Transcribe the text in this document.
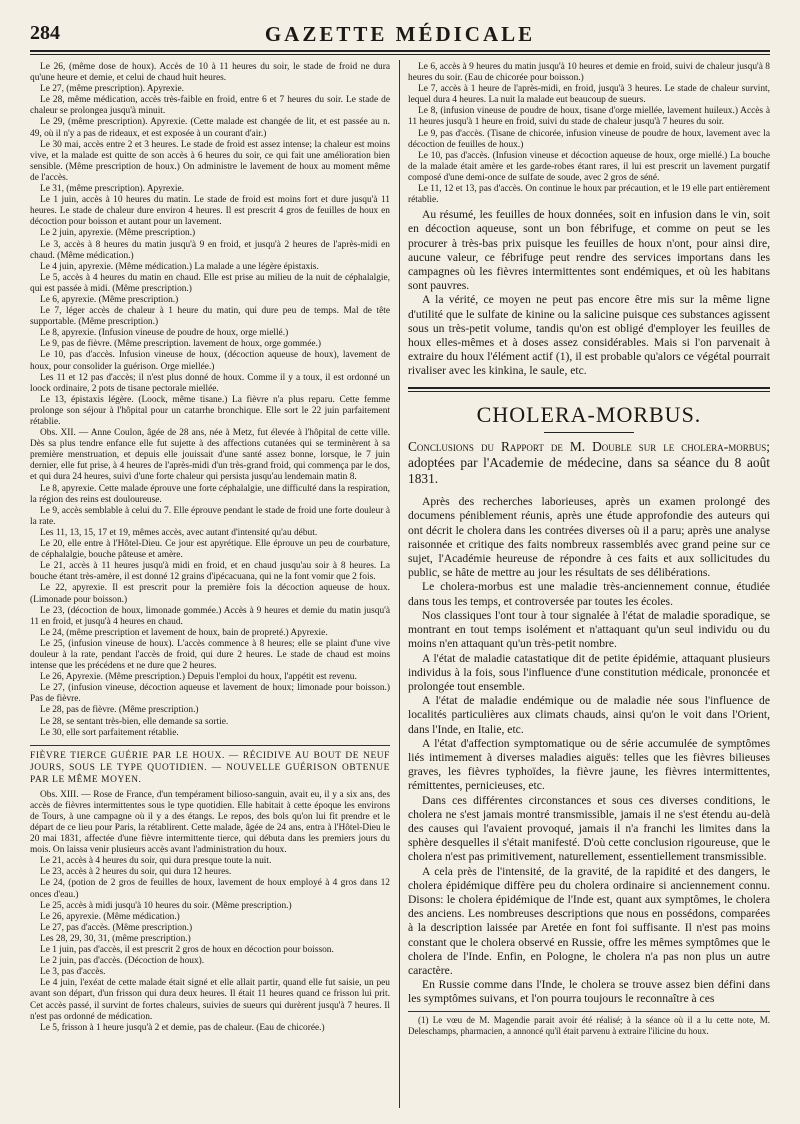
284	GAZETTE MÉDICALE

Le 26, (même dose de houx). Accès de 10 à 11 heures du soir, le stade de froid ne dura qu'une heure et demie, et celui de chaud huit heures.

Le 27, (même prescription). Apyrexie.

Le 28, même médication, accès très-faible en froid, entre 6 et 7 heures du soir. Le stade de chaleur se prolongea jusqu'à minuit.

Le 29, (même prescription). Apyrexie. (Cette malade est changée de lit, et est passée au n. 49, où il n'y a pas de rideaux, et est exposée à un courant d'air.)

Le 30 mai, accès entre 2 et 3 heures. Le stade de froid est assez intense; la chaleur est moins vive, et la malade est quitte de son accès à 6 heures du soir, ce qui fait une amélioration bien sensible. (Même prescription de houx.) On administre le lavement de houx au moment même de l'accès.

Le 31, (même prescription). Apyrexie.

Le 1 juin, accès à 10 heures du matin. Le stade de froid est moins fort et dure jusqu'à 11 heures. Le stade de chaleur dure environ 4 heures. Il est prescrit 4 gros de feuilles de houx en décoction pour boisson et autant pour un lavement.

Le 2 juin, apyrexie. (Même prescription.)

Le 3, accès à 8 heures du matin jusqu'à 9 en froid, et jusqu'à 2 heures de l'après-midi en chaud. (Même médication.)

Le 4 juin, apyrexie. (Même médication.) La malade a une légère épistaxis.

Le 5, accès à 4 heures du matin en chaud. Elle est prise au milieu de la nuit de céphalalgie, qui est passée à midi. (Même prescription.)

Le 6, apyrexie. (Même prescription.)

Le 7, léger accès de chaleur à 1 heure du matin, qui dure peu de temps. Mal de tête supportable. (Même prescription.)

Le 8, apyrexie. (Infusion vineuse de poudre de houx, orge miellé.)

Le 9, pas de fièvre. (Même prescription. lavement de houx, orge gommée.)

Le 10, pas d'accès. Infusion vineuse de houx, (décoction aqueuse de houx), lavement de houx, pour consolider la guérison. Orge miellée.)

Les 11 et 12 pas d'accès; il n'est plus donné de houx. Comme il y a toux, il est ordonné un loock ordinaire, 2 pots de tisane pectorale miellée.

Le 13, épistaxis légère. (Loock, même tisane.) La fièvre n'a plus reparu. Cette femme prolonge son séjour à l'hôpital pour un catarrhe bronchique. Elle sort le 22 juin parfaitement rétablie.

Obs. XII. — Anne Coulon, âgée de 28 ans, née à Metz, fut élevée à l'hôpital de cette ville. Dès sa plus tendre enfance elle fut sujette à des affections cutanées qui se terminèrent à sa première menstruation, et depuis elle jouissait d'une santé assez bonne, lorsque, le 7 juin dernier, elle fut prise, à 4 heures de l'après-midi d'un très-grand froid, qui commença par le dos, et qui dura 24 heures, suivi d'une forte chaleur qui persista jusqu'au lendemain matin 8.

Le 8, apyrexie. Cette malade éprouve une forte céphalalgie, une difficulté dans la respiration, la région des reins est douloureuse.

Le 9, accès semblable à celui du 7. Elle éprouve pendant le stade de froid une forte douleur à la rate.

Les 11, 13, 15, 17 et 19, mêmes accès, avec autant d'intensité qu'au début.

Le 20, elle entre à l'Hôtel-Dieu. Ce jour est apyrétique. Elle éprouve un peu de courbature, de céphalalgie, bouche pâteuse et amère.

Le 21, accès à 11 heures jusqu'à midi en froid, et en chaud jusqu'au soir à 8 heures. La bouche étant très-amère, il est donné 12 grains d'ipécacuana, qui ne la font vomir que 2 fois.

Le 22, apyrexie. Il est prescrit pour la première fois la décoction aqueuse de houx. (Limonade pour boisson.)

Le 23, (décoction de houx, limonade gommée.) Accès à 9 heures et demie du matin jusqu'à 11 en froid, et jusqu'à 4 heures en chaud.

Le 24, (même prescription et lavement de houx, bain de propreté.) Apyrexie.

Le 25, (infusion vineuse de houx). L'accès commence à 8 heures; elle se plaint d'une vive douleur à la rate, pendant l'accès de froid, qui dure 2 heures. Le stade de chaud est moins intense que les précédens et ne dure que 2 heures.

Le 26, Apyrexie. (Même prescription.) Depuis l'emploi du houx, l'appétit est revenu.

Le 27, (infusion vineuse, décoction aqueuse et lavement de houx; limonade pour boisson.) Pas de fièvre.

Le 28, pas de fièvre. (Même prescription.)

Le 28, se sentant très-bien, elle demande sa sortie.

Le 30, elle sort parfaitement rétablie.

FIÈVRE TIERCE GUÉRIE PAR LE HOUX. — RÉCIDIVE AU BOUT DE NEUF JOURS, SOUS LE TYPE QUOTIDIEN. — NOUVELLE GUÉRISON OBTENUE PAR LE MÊME MOYEN.

Obs. XIII. — Rose de France, d'un tempérament bilioso-sanguin, avait eu, il y a six ans, des accès de fièvres intermittentes sous le type quotidien. Elle habitait à cette époque les environs de Tours, à une campagne où il y a des étangs. Le repos, des bols qu'on lui fit prendre et le départ de ce lieu pour Paris, la rétablirent. Cette malade, âgée de 24 ans, entra à l'Hôtel-Dieu le 20 mai 1831, affectée d'une fièvre intermittente tierce, qui débuta dans les premiers jours du mois. On laissa venir plusieurs accès avant l'administration du houx.

Le 21, accès à 4 heures du soir, qui dura presque toute la nuit.

Le 23, accès à 2 heures du soir, qui dura 12 heures.

Le 24, (potion de 2 gros de feuilles de houx, lavement de houx employé à 4 gros dans 12 onces d'eau.)

Le 25, accès à midi jusqu'à 10 heures du soir. (Même prescription.)

Le 26, apyrexie. (Même médication.)

Le 27, pas d'accès. (Même prescription.)

Les 28, 29, 30, 31, (même prescription.)

Le 1 juin, pas d'accès, il est prescrit 2 gros de houx en décoction pour boisson.

Le 2 juin, pas d'accès. (Décoction de houx).

Le 3, pas d'accès.

Le 4 juin, l'exéat de cette malade était signé et elle allait partir, quand elle fut saisie, un peu avant son départ, d'un frisson qui dura deux heures. Il était 11 heures quand ce frisson lui prit. Cet accès passé, il survint de fortes chaleurs, suivies de sueurs qui durèrent jusqu'à 7 heures. Il n'est pas ordonné de médication.

Le 5, frisson à 1 heure jusqu'à 2 et demie, pas de chaleur. (Eau de chicorée.)

Le 6, accès à 9 heures du matin jusqu'à 10 heures et demie en froid, suivi de chaleur jusqu'à 8 heures du soir. (Eau de chicorée pour boisson.)

Le 7, accès à 1 heure de l'après-midi, en froid, jusqu'à 3 heures. Le stade de chaleur survint, lequel dura 4 heures. La nuit la malade eut beaucoup de sueurs.

Le 8, (infusion vineuse de poudre de houx, tisane d'orge miellée, lavement huileux.) Accès à 11 heures jusqu'à 1 heure en froid, suivi du stade de chaleur jusqu'à 7 heures du soir.

Le 9, pas d'accès. (Tisane de chicorée, infusion vineuse de poudre de houx, lavement avec la décoction de feuilles de houx.)

Le 10, pas d'accès. (Infusion vineuse et décoction aqueuse de houx, orge miellé.) La bouche de la malade était amère et les garde-robes étant rares, il lui est prescrit un lavement purgatif composé d'une demi-once de sulfate de soude, avec 2 gros de séné.

Le 11, 12 et 13, pas d'accès. On continue le houx par précaution, et le 19 elle part entièrement rétablie.

Au résumé, les feuilles de houx données, soit en infusion dans le vin, soit en décoction aqueuse, sont un bon fébrifuge, et comme on peut se les procurer à très-bas prix puisque les feuilles de houx n'ont, pour ainsi dire, aucune valeur, ce fébrifuge peut rendre des services importans dans les campagnes où les fièvres intermittentes sont endémiques, et où les habitans sont pauvres.

A la vérité, ce moyen ne peut pas encore être mis sur la même ligne d'utilité que le sulfate de kinine ou la salicine puisque ces substances agissent sous un très-petit volume, tandis qu'on est obligé d'employer les feuilles de houx elles-mêmes et à doses assez considérables. Mais si l'on parvenait à extraire du houx l'élément actif (1), il est probable qu'alors ce végétal pourrait rivaliser avec les kinkina, le saule, etc.

CHOLERA-MORBUS.
Conclusions du Rapport de M. Double sur le cholera-morbus; adoptées par l'Academie de médecine, dans sa séance du 8 août 1831.

Après des recherches laborieuses, après un examen prolongé des documens péniblement réunis, après une étude approfondie des auteurs qui ont décrit le cholera dans les contrées diverses où il a paru; après une analyse raisonnée et critique des faits nombreux rassemblés avec grand peine sur ce sujet, l'Académie heureuse de répondre à ces faits et aux sollicitudes du public, se hâte de mettre au jour les résultats de ses délibérations.

Le cholera-morbus est une maladie très-anciennement connue, étudiée dans tous les temps, et controversée par toutes les écoles.

Nos classiques l'ont tour à tour signalée à l'état de maladie sporadique, se montrant en tout temps isolément et n'attaquant qu'un seul individu ou du moins n'en attaquant qu'un très-petit nombre.

A l'état de maladie catastatique dit de petite épidémie, attaquant plusieurs individus à la fois, sous l'influence d'une constitution médicale, prononcée et prolongée tout ensemble.

A l'état de maladie endémique ou de maladie née sous l'influence de localités particulières aux climats chauds, ainsi qu'on le voit dans l'Orient, dans l'Inde, en Italie, etc.

A l'état d'affection symptomatique ou de série accumulée de symptômes liés intimement à diverses maladies aiguës: telles que les fièvres bilieuses graves, les fièvres typhoïdes, la fièvre jaune, les fièvres intermittentes, rémittentes, pernicieuses, etc.

Dans ces différentes circonstances et sous ces diverses conditions, le cholera ne s'est jamais montré transmissible, jamais il ne s'est étendu au-delà des causes qui l'avaient provoqué, jamais il n'a franchi les limites dans la sphère desquelles il s'était manifesté. D'où cette conclusion rigoureuse, que le cholera n'est pas primitivement, naturellement, essentiellement transmissible.

A cela près de l'intensité, de la gravité, de la rapidité et des dangers, le cholera épidémique diffère peu du cholera ordinaire si anciennement connu. Disons: le cholera épidémique de l'Inde est, quant aux symptômes, le cholera des anciens. Les nombreuses descriptions que nous en possédons, comparées à la description laissée par Aretée en font foi suffisante. Il n'est pas moins constant que le cholera observé en Russie, offre les mêmes symptômes que le cholera de l'Inde. Enfin, en Pologne, le cholera n'a pas non plus un autre caractère.

En Russie comme dans l'Inde, le cholera se trouve assez bien défini dans les symptômes suivans, et l'on pourra toujours le reconnaître à ces

(1) Le vœu de M. Magendie parait avoir été réalisé; à la séance où il a lu cette note, M. Deleschamps, pharmacien, a annoncé qu'il était parvenu à extraire l'ilicine du houx.
